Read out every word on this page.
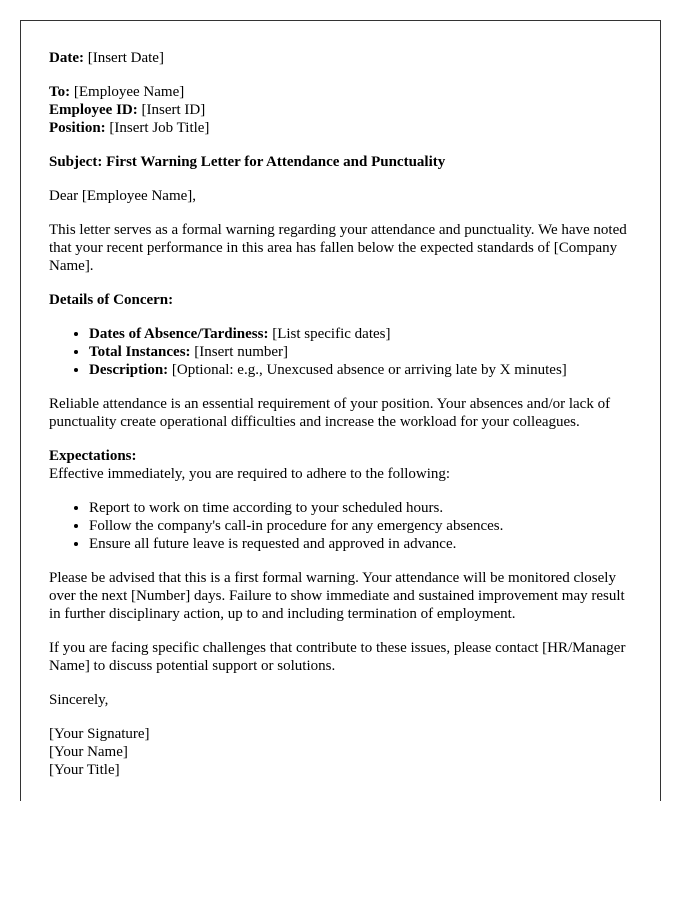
Date: [Insert Date]

To: [Employee Name]
Employee ID: [Insert ID]
Position: [Insert Job Title]

Subject: First Warning Letter for Attendance and Punctuality

Dear [Employee Name],

This letter serves as a formal warning regarding your attendance and punctuality. We have noted that your recent performance in this area has fallen below the expected standards of [Company Name].

Details of Concern:

• Dates of Absence/Tardiness: [List specific dates]
• Total Instances: [Insert number]
• Description: [Optional: e.g., Unexcused absence or arriving late by X minutes]

Reliable attendance is an essential requirement of your position. Your absences and/or lack of punctuality create operational difficulties and increase the workload for your colleagues.

Expectations:
Effective immediately, you are required to adhere to the following:

• Report to work on time according to your scheduled hours.
• Follow the company's call-in procedure for any emergency absences.
• Ensure all future leave is requested and approved in advance.

Please be advised that this is a first formal warning. Your attendance will be monitored closely over the next [Number] days. Failure to show immediate and sustained improvement may result in further disciplinary action, up to and including termination of employment.

If you are facing specific challenges that contribute to these issues, please contact [HR/Manager Name] to discuss potential support or solutions.

Sincerely,

[Your Signature]
[Your Name]
[Your Title]
